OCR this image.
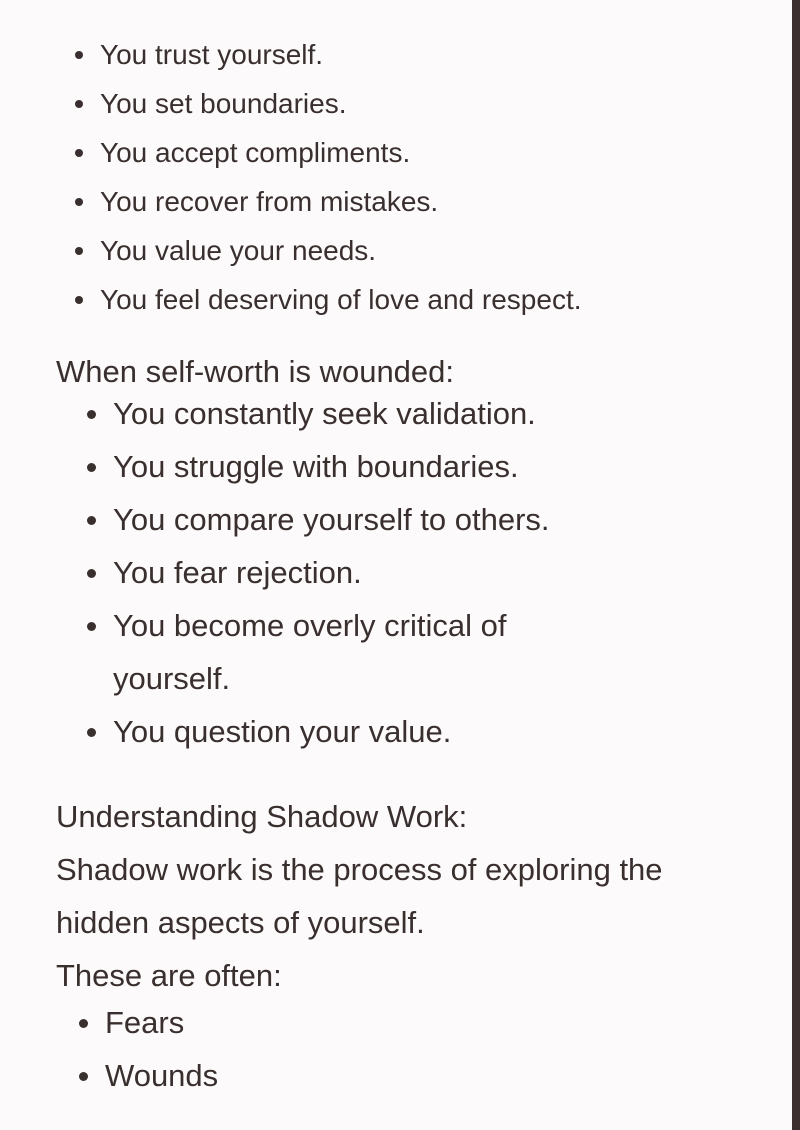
You trust yourself.
You set boundaries.
You accept compliments.
You recover from mistakes.
You value your needs.
You feel deserving of love and respect.
When self-worth is wounded:
You constantly seek validation.
You struggle with boundaries.
You compare yourself to others.
You fear rejection.
You become overly critical of yourself.
You question your value.
Understanding Shadow Work:
Shadow work is the process of exploring the hidden aspects of yourself.
These are often:
Fears
Wounds
